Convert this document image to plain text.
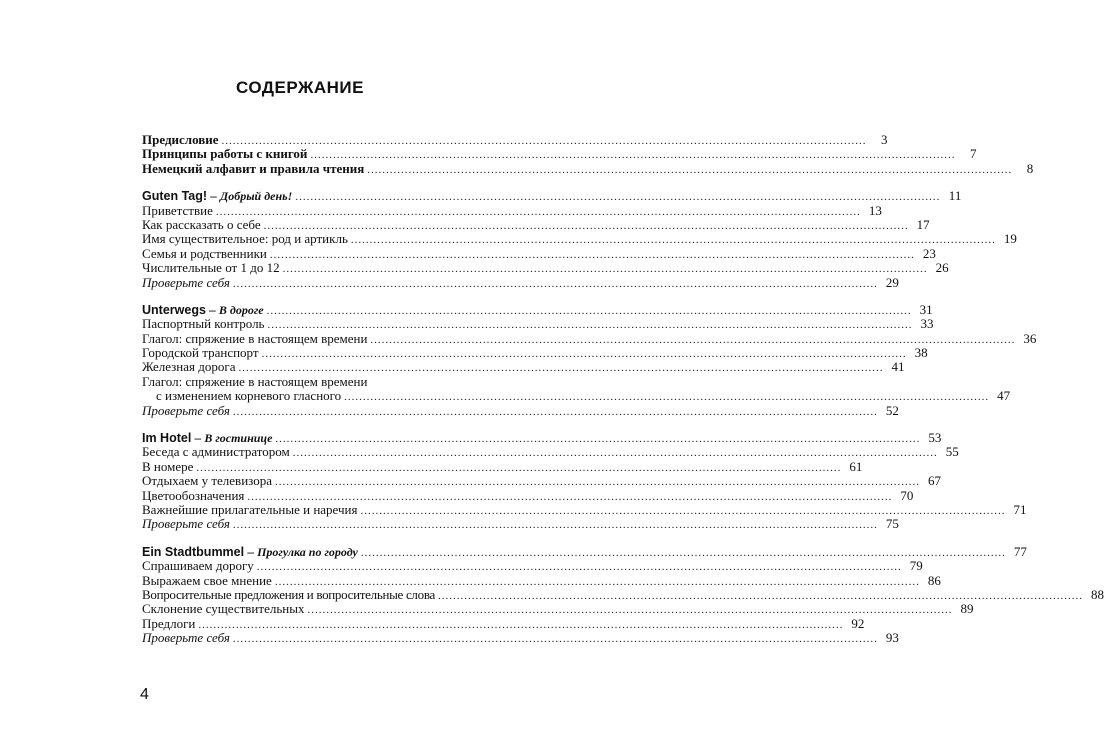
СОДЕРЖАНИЕ
Предисловие ............................................................................................................................................................................	3
Принципы работы с книгой ............................................................................................................................................................................	7
Немецкий алфавит и правила чтения ............................................................................................................................................................................	8
Guten Tag! – Добрый день! ............................................................................................................................................................................ 11
Приветствие ............................................................................................................................................................................ 13
Как рассказать о себе ............................................................................................................................................................................ 17
Имя существительное: род и артикль ............................................................................................................................................................................ 19
Семья и родственники ............................................................................................................................................................................ 23
Числительные от 1 до 12 ............................................................................................................................................................................ 26
Проверьте себя ............................................................................................................................................................................ 29
Unterwegs – В дороге ............................................................................................................................................................................ 31
Паспортный контроль ............................................................................................................................................................................ 33
Глагол: спряжение в настоящем времени ............................................................................................................................................................................ 36
Городской транспорт ............................................................................................................................................................................ 38
Железная дорога ............................................................................................................................................................................ 41
Глагол: спряжение в настоящем времени
с изменением корневого гласного ............................................................................................................................................................................ 47
Проверьте себя ............................................................................................................................................................................ 52
Im Hotel – В гостинице ............................................................................................................................................................................ 53
Беседа с администратором ............................................................................................................................................................................ 55
В номере ............................................................................................................................................................................ 61
Отдыхаем у телевизора ............................................................................................................................................................................ 67
Цветообозначения ............................................................................................................................................................................ 70
Важнейшие прилагательные и наречия ............................................................................................................................................................................ 71
Проверьте себя ............................................................................................................................................................................ 75
Ein Stadtbummel – Прогулка по городу ............................................................................................................................................................................ 77
Спрашиваем дорогу ............................................................................................................................................................................ 79
Выражаем свое мнение ............................................................................................................................................................................ 86
Вопросительные предложения и вопросительные слова ............................................................................................................................................................................ 88
Склонение существительных ............................................................................................................................................................................ 89
Предлоги ............................................................................................................................................................................ 92
Проверьте себя ............................................................................................................................................................................ 93
4
